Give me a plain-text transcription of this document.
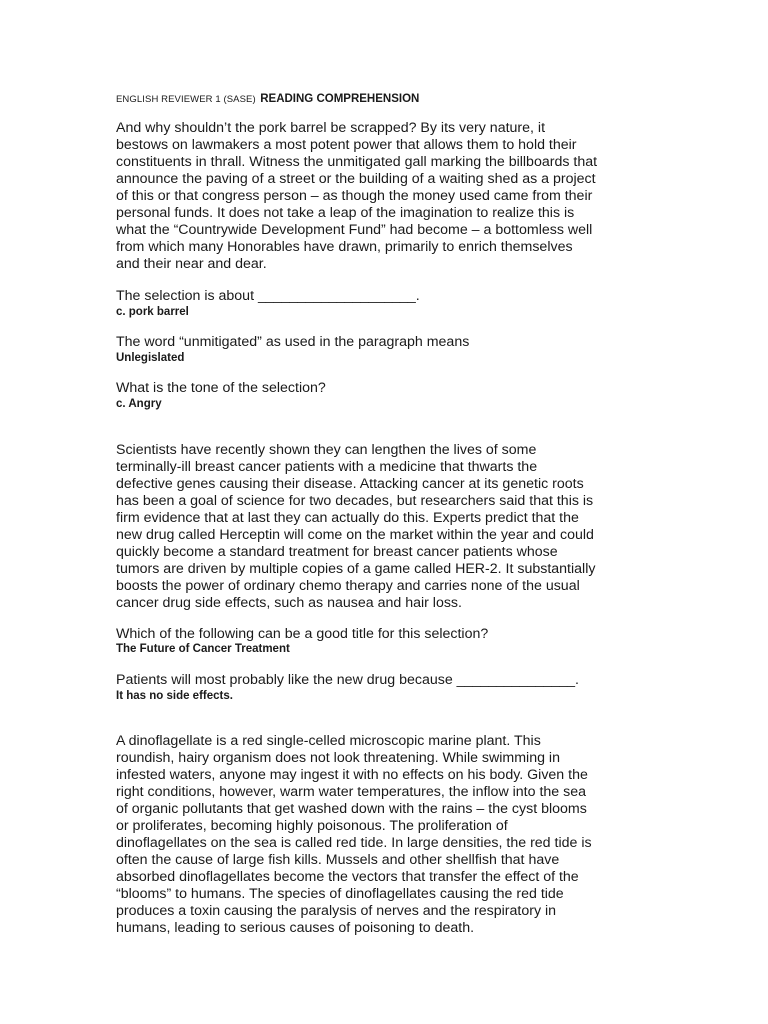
ENGLISH REVIEWER 1 (SASE) READING COMPREHENSION
And why shouldn’t the pork barrel be scrapped? By its very nature, it
bestows on lawmakers a most potent power that allows them to hold their
constituents in thrall. Witness the unmitigated gall marking the billboards that
announce the paving of a street or the building of a waiting shed as a project
of this or that congress person – as though the money used came from their
personal funds. It does not take a leap of the imagination to realize this is
what the “Countrywide Development Fund” had become – a bottomless well
from which many Honorables have drawn, primarily to enrich themselves
and their near and dear.
The selection is about ____________________.
c. pork barrel
The word “unmitigated” as used in the paragraph means
Unlegislated
What is the tone of the selection?
c. Angry
Scientists have recently shown they can lengthen the lives of some
terminally-ill breast cancer patients with a medicine that thwarts the
defective genes causing their disease. Attacking cancer at its genetic roots
has been a goal of science for two decades, but researchers said that this is
firm evidence that at last they can actually do this. Experts predict that the
new drug called Herceptin will come on the market within the year and could
quickly become a standard treatment for breast cancer patients whose
tumors are driven by multiple copies of a game called HER-2. It substantially
boosts the power of ordinary chemo therapy and carries none of the usual
cancer drug side effects, such as nausea and hair loss.
Which of the following can be a good title for this selection?
The Future of Cancer Treatment
Patients will most probably like the new drug because _______________.
It has no side effects.
A dinoflagellate is a red single-celled microscopic marine plant. This
roundish, hairy organism does not look threatening. While swimming in
infested waters, anyone may ingest it with no effects on his body. Given the
right conditions, however, warm water temperatures, the inflow into the sea
of organic pollutants that get washed down with the rains – the cyst blooms
or proliferates, becoming highly poisonous. The proliferation of
dinoflagellates on the sea is called red tide. In large densities, the red tide is
often the cause of large fish kills. Mussels and other shellfish that have
absorbed dinoflagellates become the vectors that transfer the effect of the
“blooms” to humans. The species of dinoflagellates causing the red tide
produces a toxin causing the paralysis of nerves and the respiratory in
humans, leading to serious causes of poisoning to death.
